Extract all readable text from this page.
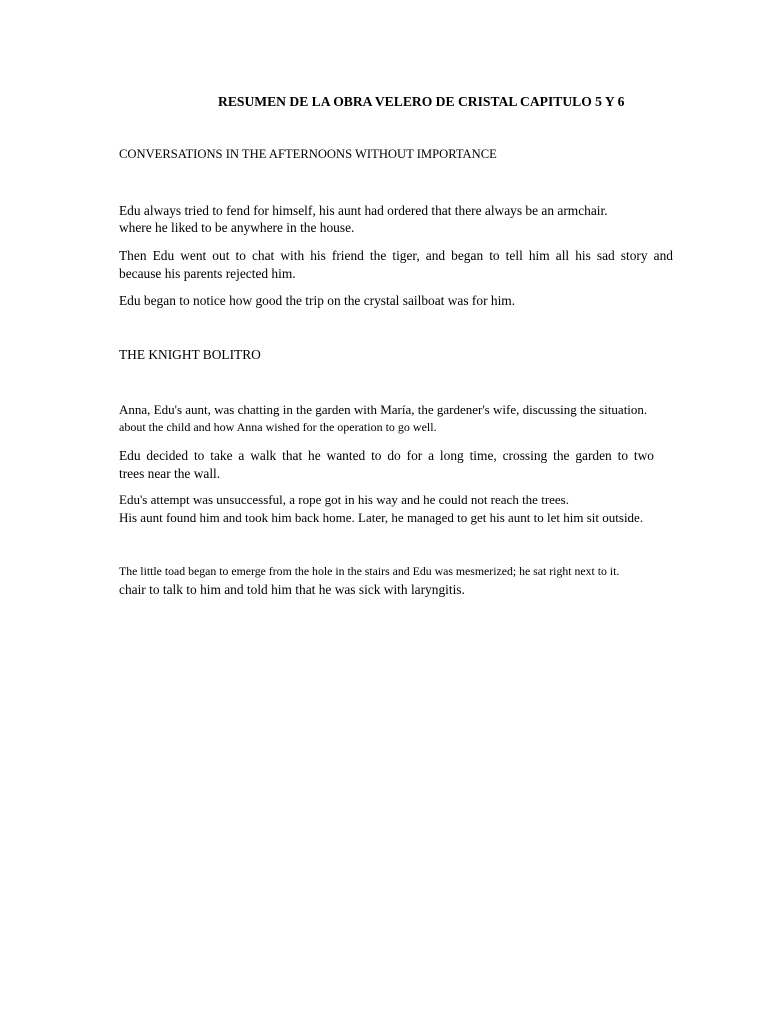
RESUMEN DE LA OBRA VELERO DE CRISTAL CAPITULO 5 Y 6
CONVERSATIONS IN THE AFTERNOONS WITHOUT IMPORTANCE

Edu always tried to fend for himself, his aunt had ordered that there always be an armchair.

where he liked to be anywhere in the house.

Then Edu went out to chat with his friend the tiger, and began to tell him all his sad story and
because his parents rejected him.

Edu began to notice how good the trip on the crystal sailboat was for him.

THE KNIGHT BOLITRO

Anna, Edu's aunt, was chatting in the garden with María, the gardener's wife, discussing the situation.

about the child and how Anna wished for the operation to go well.

Edu decided to take a walk that he wanted to do for a long time, crossing the garden to two
trees near the wall.

Edu's attempt was unsuccessful, a rope got in his way and he could not reach the trees.

His aunt found him and took him back home. Later, he managed to get his aunt to let him sit outside.

The little toad began to emerge from the hole in the stairs and Edu was mesmerized; he sat right next to it.

chair to talk to him and told him that he was sick with laryngitis.
